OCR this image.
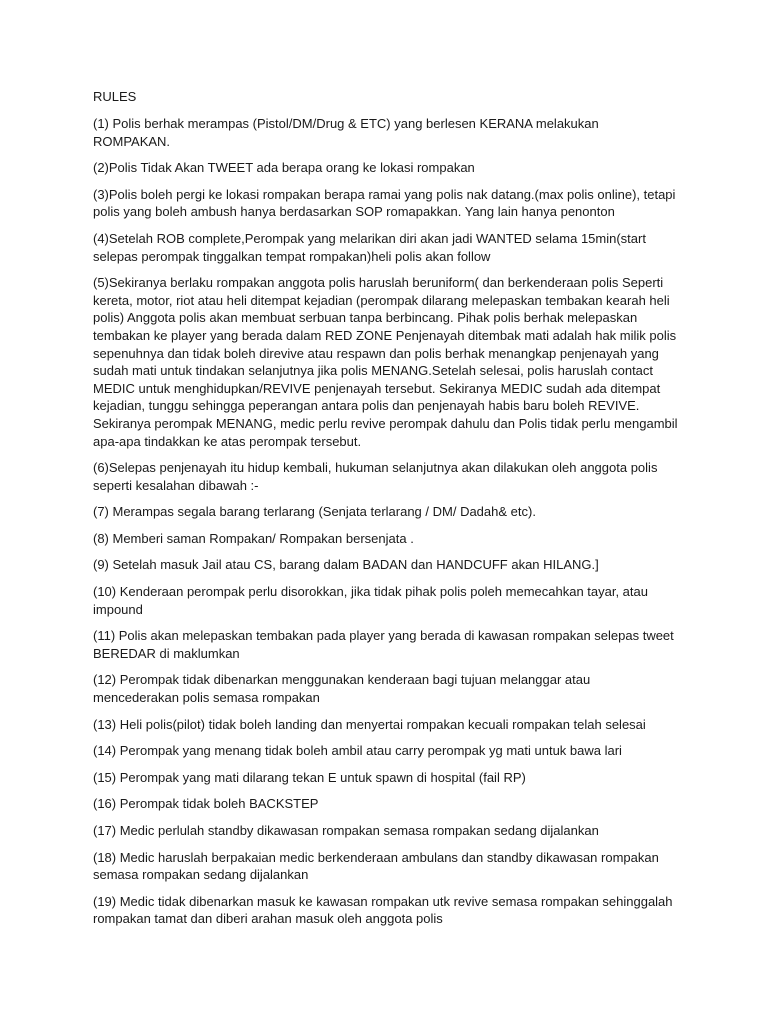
RULES
(1) Polis berhak merampas (Pistol/DM/Drug & ETC) yang berlesen KERANA melakukan ROMPAKAN.
(2)Polis Tidak Akan TWEET ada berapa orang ke lokasi rompakan
(3)Polis boleh pergi ke lokasi rompakan berapa ramai yang polis nak datang.(max polis online), tetapi polis yang boleh ambush hanya berdasarkan SOP romapakkan. Yang lain hanya penonton
(4)Setelah ROB complete,Perompak yang melarikan diri akan jadi WANTED selama 15min(start selepas perompak tinggalkan tempat rompakan)heli polis akan follow
(5)Sekiranya berlaku rompakan anggota polis haruslah beruniform( dan berkenderaan polis Seperti kereta, motor, riot atau heli ditempat kejadian (perompak dilarang melepaskan tembakan kearah heli polis) Anggota polis akan membuat serbuan tanpa berbincang. Pihak polis berhak melepaskan tembakan ke player yang berada dalam RED ZONE Penjenayah ditembak mati adalah hak milik polis sepenuhnya dan tidak boleh direvive atau respawn dan polis berhak menangkap penjenayah yang sudah mati untuk tindakan selanjutnya jika polis MENANG.Setelah selesai, polis haruslah contact MEDIC untuk menghidupkan/REVIVE penjenayah tersebut. Sekiranya MEDIC sudah ada ditempat kejadian, tunggu sehingga peperangan antara polis dan penjenayah habis baru boleh REVIVE. Sekiranya perompak MENANG, medic perlu revive perompak dahulu dan Polis tidak perlu mengambil apa-apa tindakkan ke atas perompak tersebut.
(6)Selepas penjenayah itu hidup kembali, hukuman selanjutnya akan dilakukan oleh anggota polis seperti kesalahan dibawah :-
(7) Merampas segala barang terlarang (Senjata terlarang / DM/ Dadah& etc).
(8) Memberi saman Rompakan/ Rompakan bersenjata .
(9) Setelah masuk Jail atau CS, barang dalam BADAN dan HANDCUFF akan HILANG.]
(10) Kenderaan perompak perlu disorokkan, jika tidak pihak polis poleh memecahkan tayar, atau impound
(11) Polis akan melepaskan tembakan pada player yang berada di kawasan rompakan selepas tweet BEREDAR di maklumkan
(12) Perompak tidak dibenarkan menggunakan kenderaan bagi tujuan melanggar atau mencederakan polis semasa rompakan
(13) Heli polis(pilot) tidak boleh landing dan menyertai rompakan kecuali rompakan telah selesai
(14) Perompak yang menang tidak boleh ambil atau carry perompak yg mati untuk bawa lari
(15) Perompak yang mati dilarang tekan E untuk spawn di hospital (fail RP)
(16) Perompak tidak boleh BACKSTEP
(17) Medic perlulah standby dikawasan rompakan semasa rompakan sedang dijalankan
(18) Medic haruslah berpakaian medic berkenderaan ambulans dan standby dikawasan rompakan semasa rompakan sedang dijalankan
(19) Medic tidak dibenarkan masuk ke kawasan rompakan utk revive semasa rompakan sehinggalah rompakan tamat dan diberi arahan masuk oleh anggota polis
